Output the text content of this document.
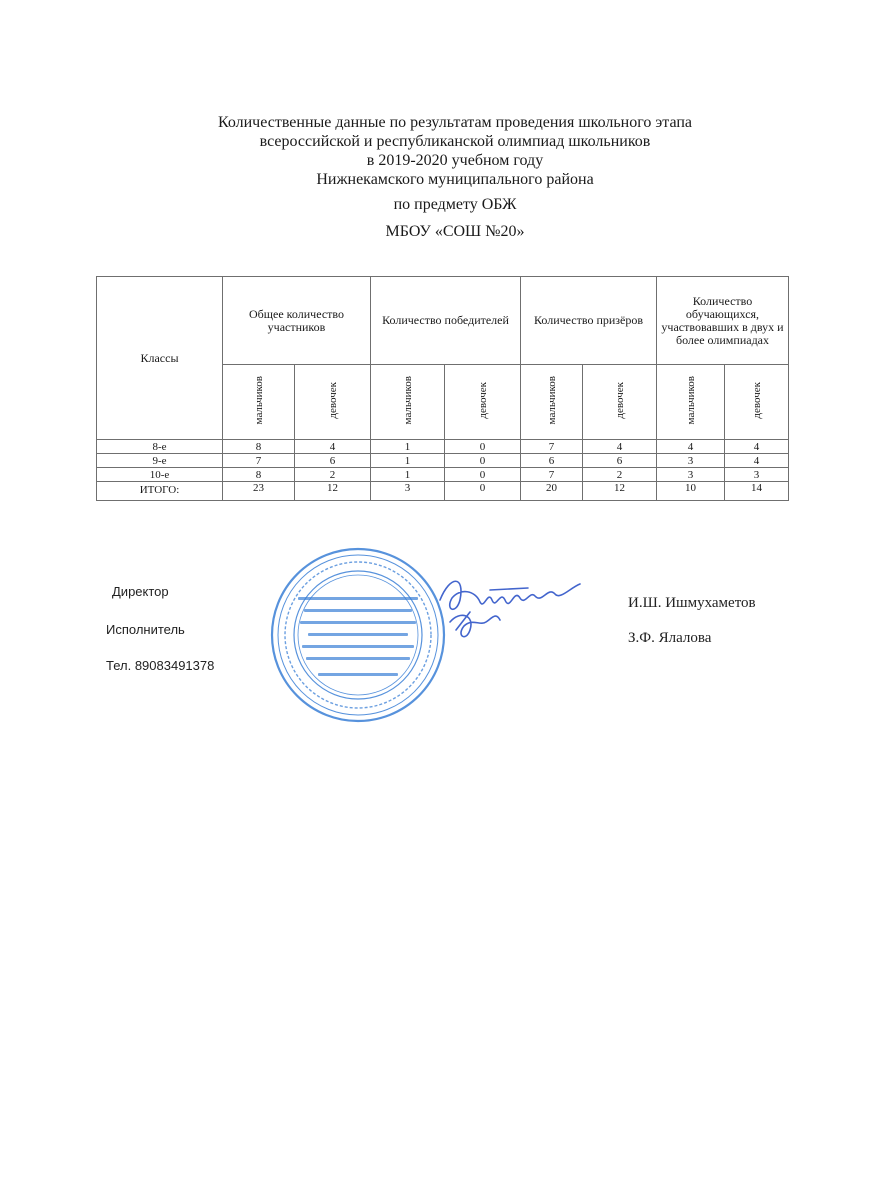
Количественные данные по результатам проведения школьного этапа
всероссийской и республиканской олимпиад школьников
в 2019-2020 учебном году
Нижнекамского муниципального района
по предмету ОБЖ
МБОУ «СОШ №20»
Классы	Общее количество участников		Количество победителей		Количество призёров		Количество обучающихся, участвовавших в двух и более олимпиадах	
	мальчиков	девочек	мальчиков	девочек	мальчиков	девочек	мальчиков	девочек
8-е	8	4	1	0	7	4	4	4
9-е	7	6	1	0	6	6	3	4
10-е	8	2	1	0	7	2	3	3
ИТОГО:	23	12	3	0	20	12	10	14
Директор
Исполнитель
Тел. 89083491378
И.Ш. Ишмухаметов
З.Ф. Ялалова
